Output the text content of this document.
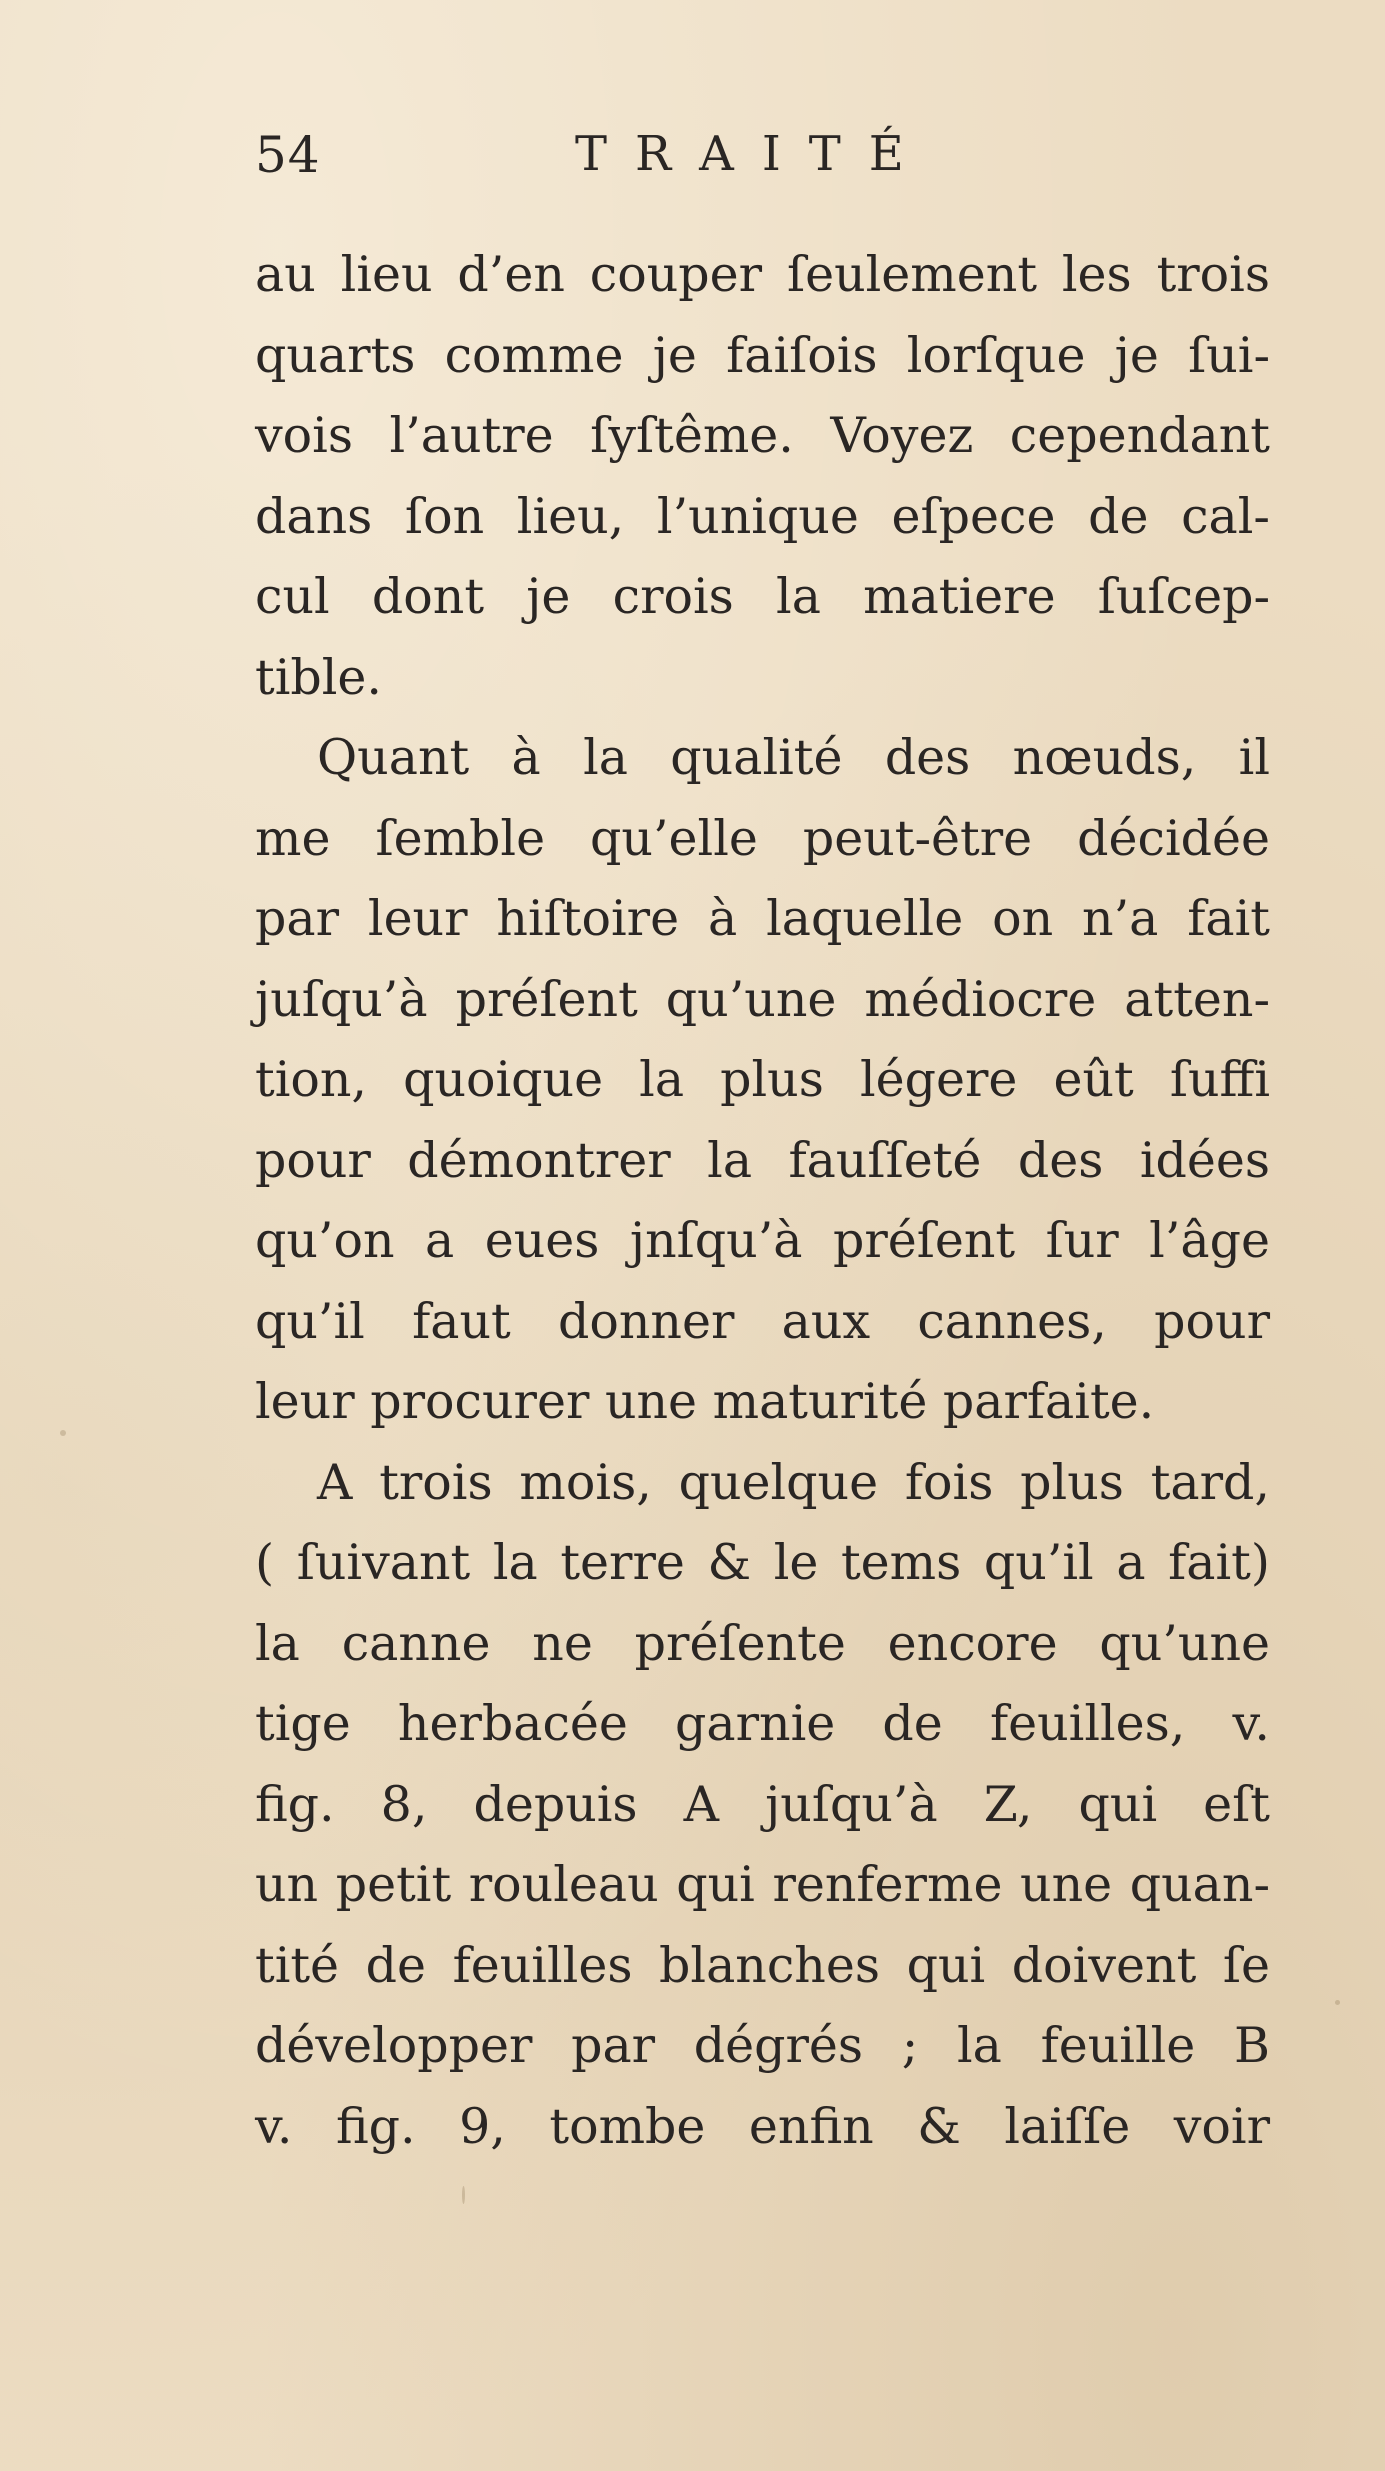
54	TRAITÉ
au lieu d’en couper ſeulement les trois
quarts comme je faiſois lorſque je ſui-
vois l’autre ſyſtême. Voyez cependant
dans ſon lieu, l’unique eſpece de cal-
cul dont je crois la matiere ſuſcep-
tible.
Quant à la qualité des nœuds, il
me ſemble qu’elle peut-être décidée
par leur hiſtoire à laquelle on n’a fait
juſqu’à préſent qu’une médiocre atten-
tion, quoique la plus légere eût ſuffi
pour démontrer la fauſſeté des idées
qu’on a eues jnſqu’à préſent ſur l’âge
qu’il faut donner aux cannes, pour
leur procurer une maturité parfaite.
A trois mois, quelque fois plus tard,
( ſuivant la terre & le tems qu’il a fait)
la canne ne préſente encore qu’une
tige herbacée garnie de feuilles, v.
fig. 8, depuis A juſqu’à Z, qui eſt
un petit rouleau qui renferme une quan-
tité de feuilles blanches qui doivent ſe
développer par dégrés ; la feuille B
v. fig. 9, tombe enfin & laiſſe voir
